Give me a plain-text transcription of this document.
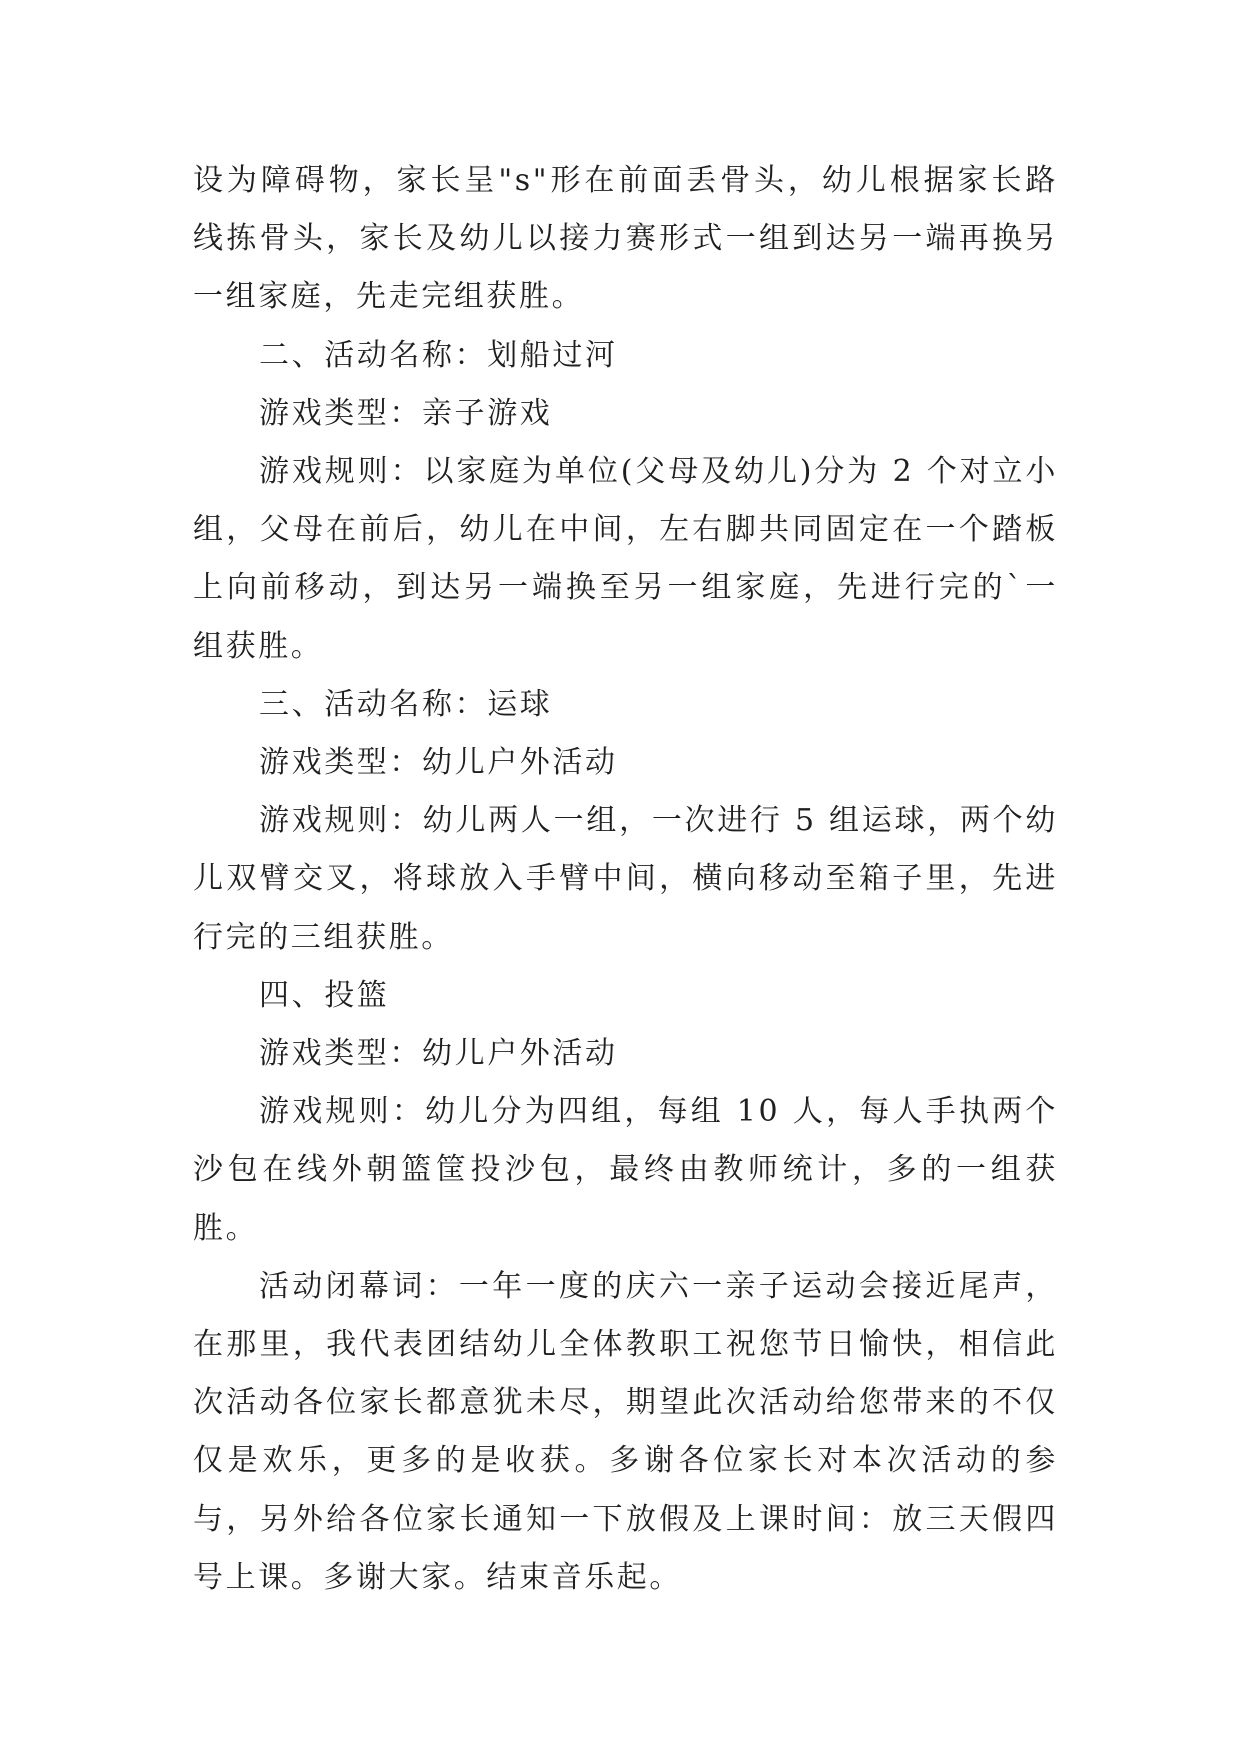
设为障碍物，家长呈"s"形在前面丢骨头，幼儿根据家长路线拣骨头，家长及幼儿以接力赛形式一组到达另一端再换另一组家庭，先走完组获胜。

二、活动名称：划船过河

游戏类型：亲子游戏

游戏规则：以家庭为单位(父母及幼儿)分为 2 个对立小组，父母在前后，幼儿在中间，左右脚共同固定在一个踏板上向前移动，到达另一端换至另一组家庭，先进行完的`一组获胜。

三、活动名称：运球

游戏类型：幼儿户外活动

游戏规则：幼儿两人一组，一次进行 5 组运球，两个幼儿双臂交叉，将球放入手臂中间，横向移动至箱子里，先进行完的三组获胜。

四、投篮

游戏类型：幼儿户外活动

游戏规则：幼儿分为四组，每组 10 人，每人手执两个沙包在线外朝篮筐投沙包，最终由教师统计，多的一组获胜。

活动闭幕词：一年一度的庆六一亲子运动会接近尾声，在那里，我代表团结幼儿全体教职工祝您节日愉快，相信此次活动各位家长都意犹未尽，期望此次活动给您带来的不仅仅是欢乐，更多的是收获。多谢各位家长对本次活动的参与，另外给各位家长通知一下放假及上课时间：放三天假四号上课。多谢大家。结束音乐起。
